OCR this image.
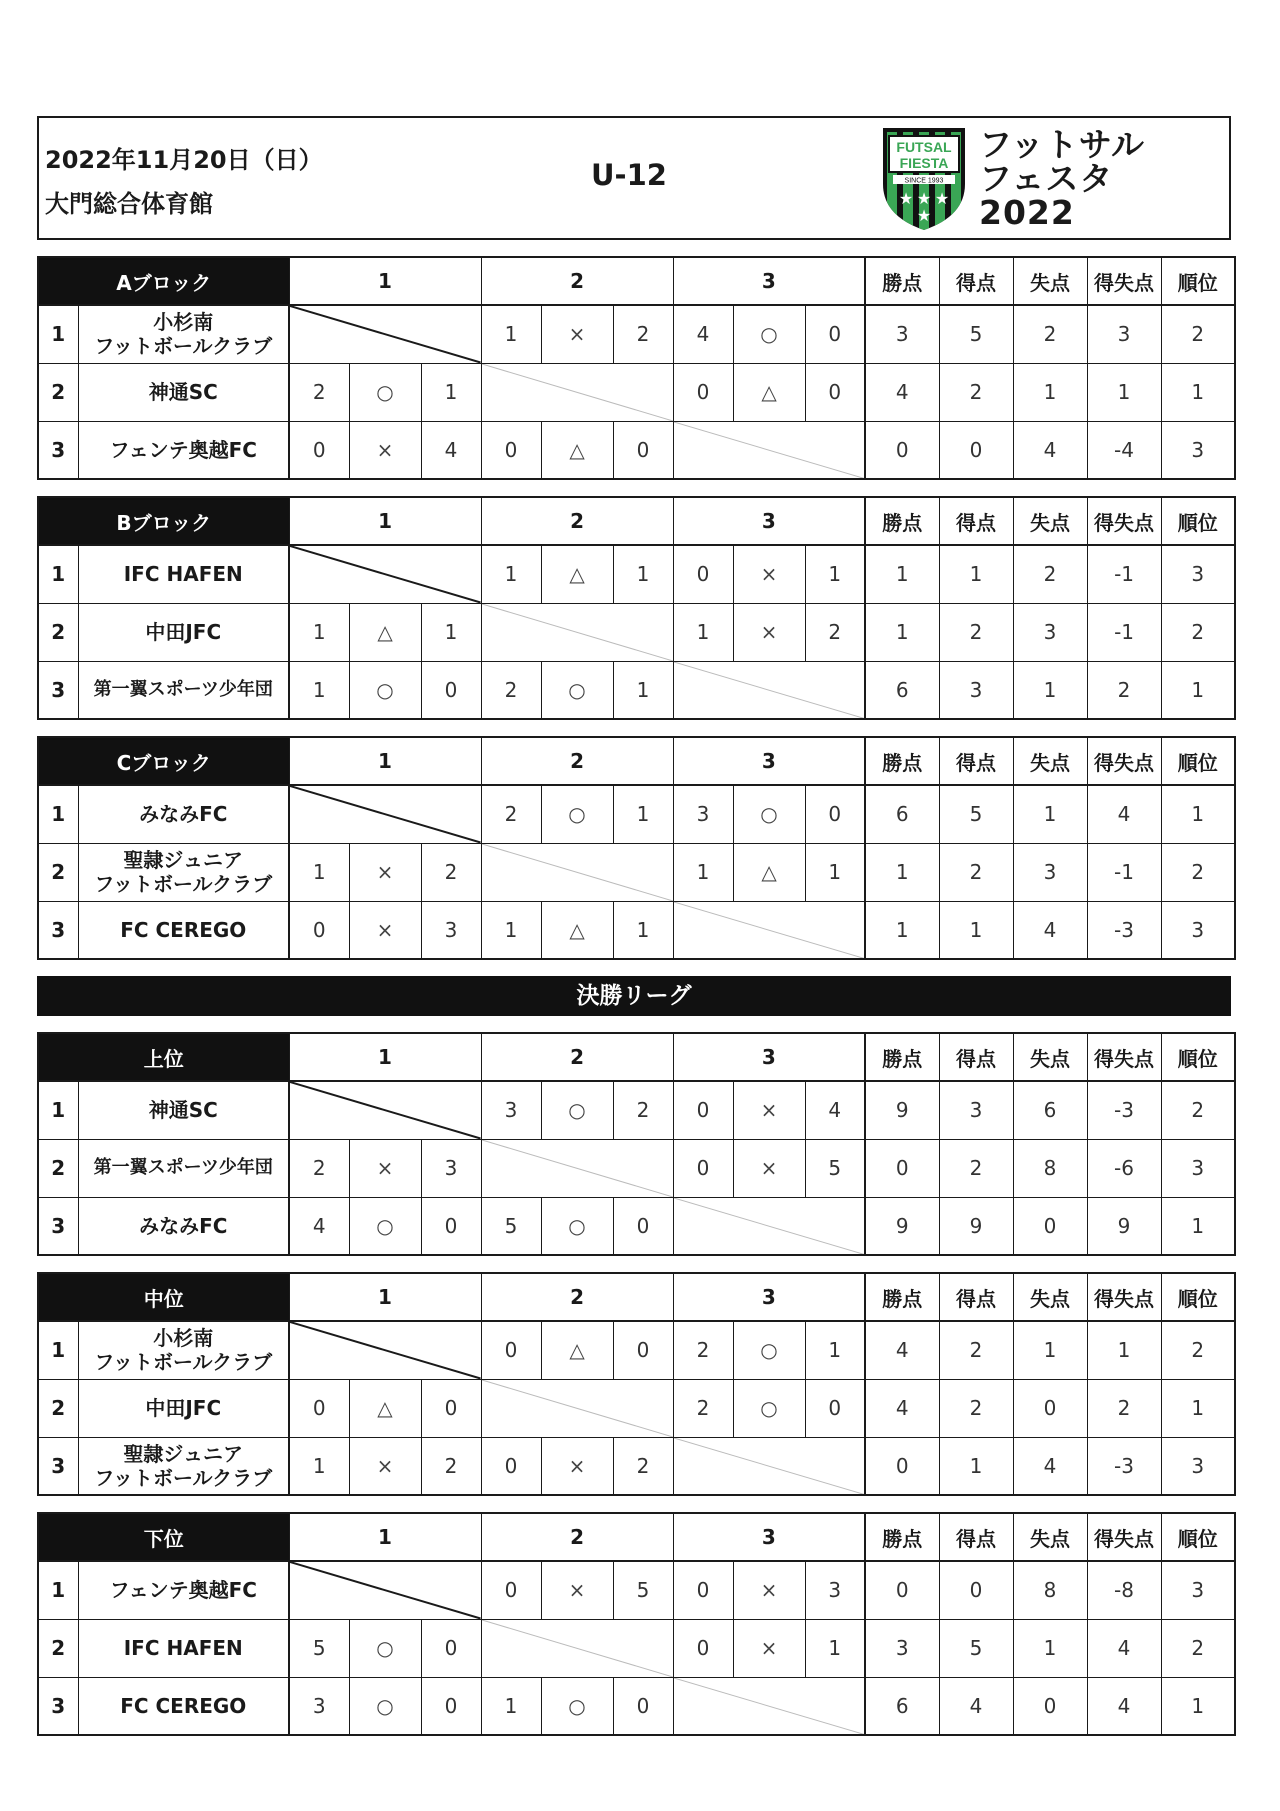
2022年11月20日（日）
大門総合体育館
U-12
FUTSAL
FIESTA
SINCE 1993
★ ★ ★
★
フットサル
フェスタ
2022
Aブロック		1			2			3			勝点	得点	失点	得失点	順位
1	小杉南
フットボールクラブ				1	×	2	4	○	0	3	5	2	3	2
2	神通SC	2	○	1				0	△	0	4	2	1	1	1
3	フェンテ奥越FC	0	×	4	0	△	0				0	0	4	-4	3
Bブロック		1			2			3			勝点	得点	失点	得失点	順位
1	IFC HAFEN				1	△	1	0	×	1	1	1	2	-1	3
2	中田JFC	1	△	1				1	×	2	1	2	3	-1	2
3	第一翼スポーツ少年団	1	○	0	2	○	1				6	3	1	2	1
Cブロック		1			2			3			勝点	得点	失点	得失点	順位
1	みなみFC				2	○	1	3	○	0	6	5	1	4	1
2	聖隷ジュニア
フットボールクラブ	1	×	2				1	△	1	1	2	3	-1	2
3	FC CEREGO	0	×	3	1	△	1				1	1	4	-3	3
決勝リーグ
上位		1			2			3			勝点	得点	失点	得失点	順位
1	神通SC				3	○	2	0	×	4	9	3	6	-3	2
2	第一翼スポーツ少年団	2	×	3				0	×	5	0	2	8	-6	3
3	みなみFC	4	○	0	5	○	0				9	9	0	9	1
中位		1			2			3			勝点	得点	失点	得失点	順位
1	小杉南
フットボールクラブ				0	△	0	2	○	1	4	2	1	1	2
2	中田JFC	0	△	0				2	○	0	4	2	0	2	1
3	聖隷ジュニア
フットボールクラブ	1	×	2	0	×	2				0	1	4	-3	3
下位		1			2			3			勝点	得点	失点	得失点	順位
1	フェンテ奥越FC				0	×	5	0	×	3	0	0	8	-8	3
2	IFC HAFEN	5	○	0				0	×	1	3	5	1	4	2
3	FC CEREGO	3	○	0	1	○	0				6	4	0	4	1
